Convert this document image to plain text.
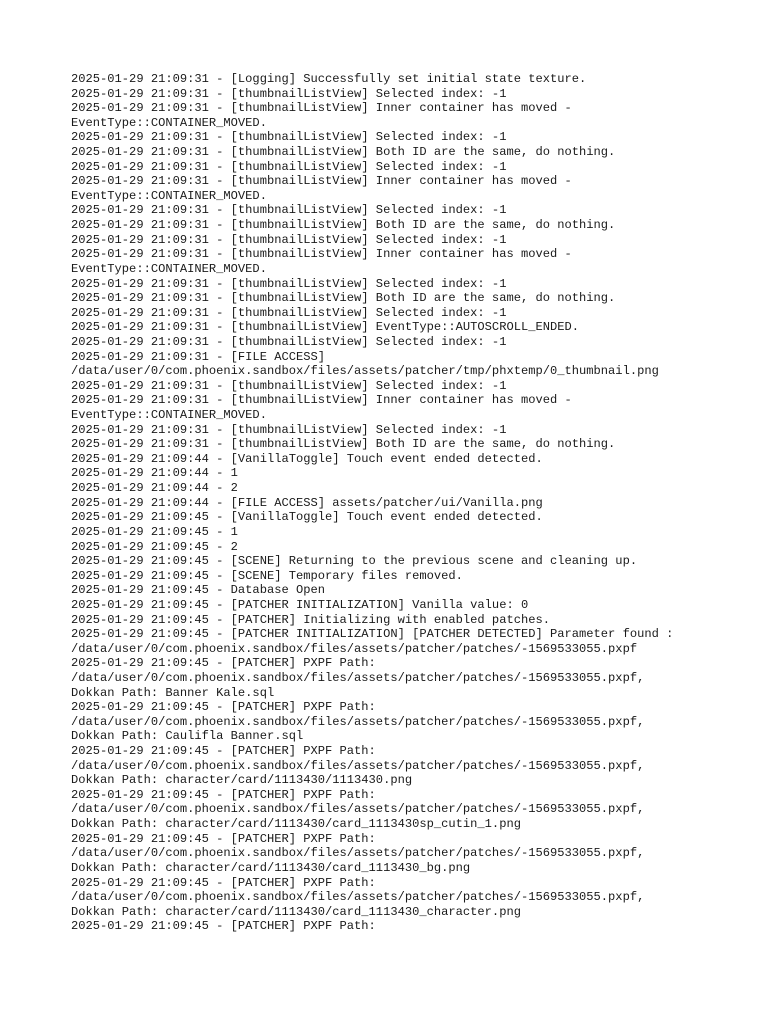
2025-01-29 21:09:31 - [Logging] Successfully set initial state texture.
2025-01-29 21:09:31 - [thumbnailListView] Selected index: -1
2025-01-29 21:09:31 - [thumbnailListView] Inner container has moved -
EventType::CONTAINER_MOVED.
2025-01-29 21:09:31 - [thumbnailListView] Selected index: -1
2025-01-29 21:09:31 - [thumbnailListView] Both ID are the same, do nothing.
2025-01-29 21:09:31 - [thumbnailListView] Selected index: -1
2025-01-29 21:09:31 - [thumbnailListView] Inner container has moved -
EventType::CONTAINER_MOVED.
2025-01-29 21:09:31 - [thumbnailListView] Selected index: -1
2025-01-29 21:09:31 - [thumbnailListView] Both ID are the same, do nothing.
2025-01-29 21:09:31 - [thumbnailListView] Selected index: -1
2025-01-29 21:09:31 - [thumbnailListView] Inner container has moved -
EventType::CONTAINER_MOVED.
2025-01-29 21:09:31 - [thumbnailListView] Selected index: -1
2025-01-29 21:09:31 - [thumbnailListView] Both ID are the same, do nothing.
2025-01-29 21:09:31 - [thumbnailListView] Selected index: -1
2025-01-29 21:09:31 - [thumbnailListView] EventType::AUTOSCROLL_ENDED.
2025-01-29 21:09:31 - [thumbnailListView] Selected index: -1
2025-01-29 21:09:31 - [FILE ACCESS]
/data/user/0/com.phoenix.sandbox/files/assets/patcher/tmp/phxtemp/0_thumbnail.png
2025-01-29 21:09:31 - [thumbnailListView] Selected index: -1
2025-01-29 21:09:31 - [thumbnailListView] Inner container has moved -
EventType::CONTAINER_MOVED.
2025-01-29 21:09:31 - [thumbnailListView] Selected index: -1
2025-01-29 21:09:31 - [thumbnailListView] Both ID are the same, do nothing.
2025-01-29 21:09:44 - [VanillaToggle] Touch event ended detected.
2025-01-29 21:09:44 - 1
2025-01-29 21:09:44 - 2
2025-01-29 21:09:44 - [FILE ACCESS] assets/patcher/ui/Vanilla.png
2025-01-29 21:09:45 - [VanillaToggle] Touch event ended detected.
2025-01-29 21:09:45 - 1
2025-01-29 21:09:45 - 2
2025-01-29 21:09:45 - [SCENE] Returning to the previous scene and cleaning up.
2025-01-29 21:09:45 - [SCENE] Temporary files removed.
2025-01-29 21:09:45 - Database Open
2025-01-29 21:09:45 - [PATCHER INITIALIZATION] Vanilla value: 0
2025-01-29 21:09:45 - [PATCHER] Initializing with enabled patches.
2025-01-29 21:09:45 - [PATCHER INITIALIZATION] [PATCHER DETECTED] Parameter found :
/data/user/0/com.phoenix.sandbox/files/assets/patcher/patches/-1569533055.pxpf
2025-01-29 21:09:45 - [PATCHER] PXPF Path:
/data/user/0/com.phoenix.sandbox/files/assets/patcher/patches/-1569533055.pxpf,
Dokkan Path: Banner Kale.sql
2025-01-29 21:09:45 - [PATCHER] PXPF Path:
/data/user/0/com.phoenix.sandbox/files/assets/patcher/patches/-1569533055.pxpf,
Dokkan Path: Caulifla Banner.sql
2025-01-29 21:09:45 - [PATCHER] PXPF Path:
/data/user/0/com.phoenix.sandbox/files/assets/patcher/patches/-1569533055.pxpf,
Dokkan Path: character/card/1113430/1113430.png
2025-01-29 21:09:45 - [PATCHER] PXPF Path:
/data/user/0/com.phoenix.sandbox/files/assets/patcher/patches/-1569533055.pxpf,
Dokkan Path: character/card/1113430/card_1113430sp_cutin_1.png
2025-01-29 21:09:45 - [PATCHER] PXPF Path:
/data/user/0/com.phoenix.sandbox/files/assets/patcher/patches/-1569533055.pxpf,
Dokkan Path: character/card/1113430/card_1113430_bg.png
2025-01-29 21:09:45 - [PATCHER] PXPF Path:
/data/user/0/com.phoenix.sandbox/files/assets/patcher/patches/-1569533055.pxpf,
Dokkan Path: character/card/1113430/card_1113430_character.png
2025-01-29 21:09:45 - [PATCHER] PXPF Path:
